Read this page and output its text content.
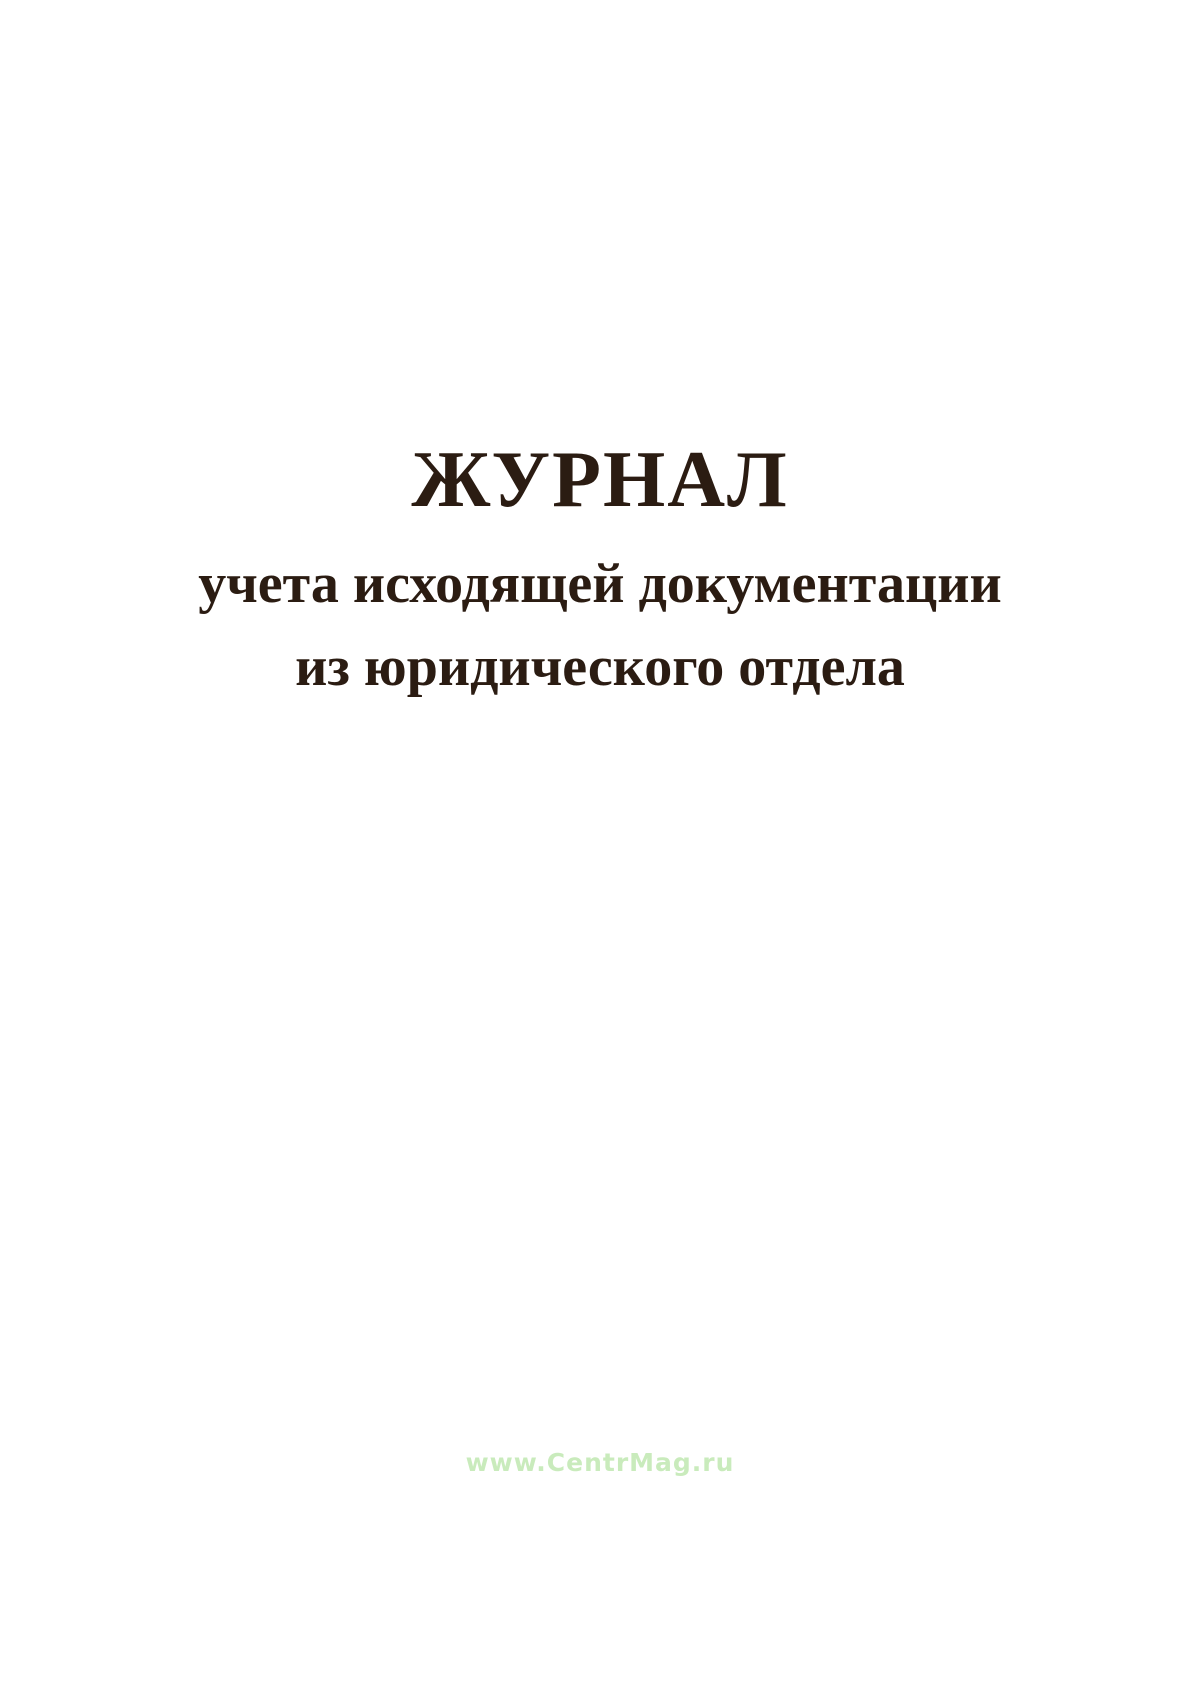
ЖУРНАЛ
учета исходящей документации
из юридического отдела
www.CentrMag.ru
